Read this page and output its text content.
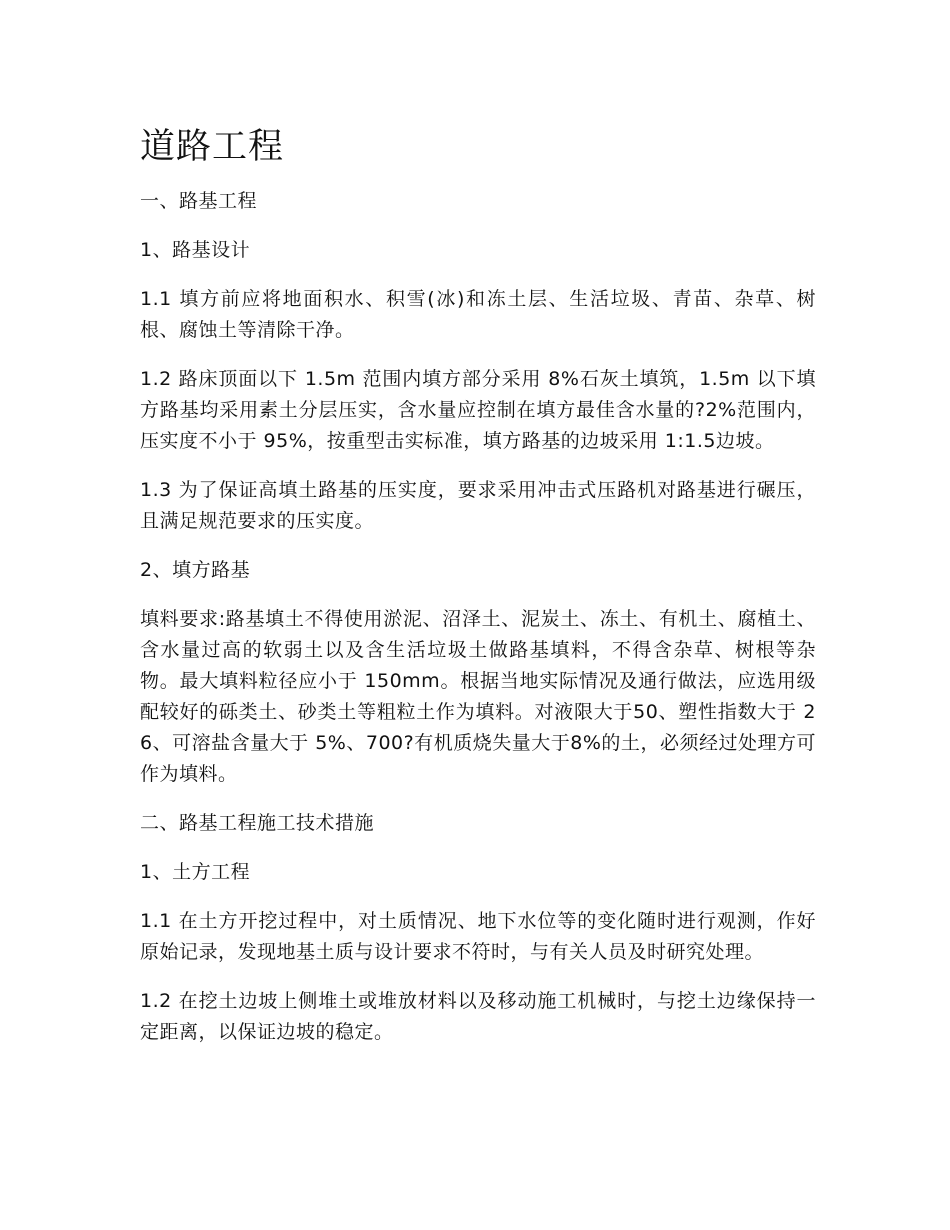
道路工程

一、路基工程

1、路基设计

1.1 填方前应将地面积水、积雪(冰)和冻土层、生活垃圾、青苗、杂草、树根、腐蚀土等清除干净。

1.2 路床顶面以下 1.5m 范围内填方部分采用 8%石灰土填筑，1.5m 以下填方路基均采用素土分层压实，含水量应控制在填方最佳含水量的?2%范围内，压实度不小于 95%，按重型击实标准，填方路基的边坡采用 1:1.5边坡。

1.3 为了保证高填土路基的压实度，要求采用冲击式压路机对路基进行碾压，且满足规范要求的压实度。

2、填方路基

填料要求:路基填土不得使用淤泥、沼泽土、泥炭土、冻土、有机土、腐植土、含水量过高的软弱土以及含生活垃圾土做路基填料，不得含杂草、树根等杂物。最大填料粒径应小于 150mm。根据当地实际情况及通行做法，应选用级配较好的砾类土、砂类土等粗粒土作为填料。对液限大于50、塑性指数大于 26、可溶盐含量大于 5%、700?有机质烧失量大于8%的土，必须经过处理方可作为填料。

二、路基工程施工技术措施

1、土方工程

1.1 在土方开挖过程中，对土质情况、地下水位等的变化随时进行观测，作好原始记录，发现地基土质与设计要求不符时，与有关人员及时研究处理。

1.2 在挖土边坡上侧堆土或堆放材料以及移动施工机械时，与挖土边缘保持一定距离，以保证边坡的稳定。
